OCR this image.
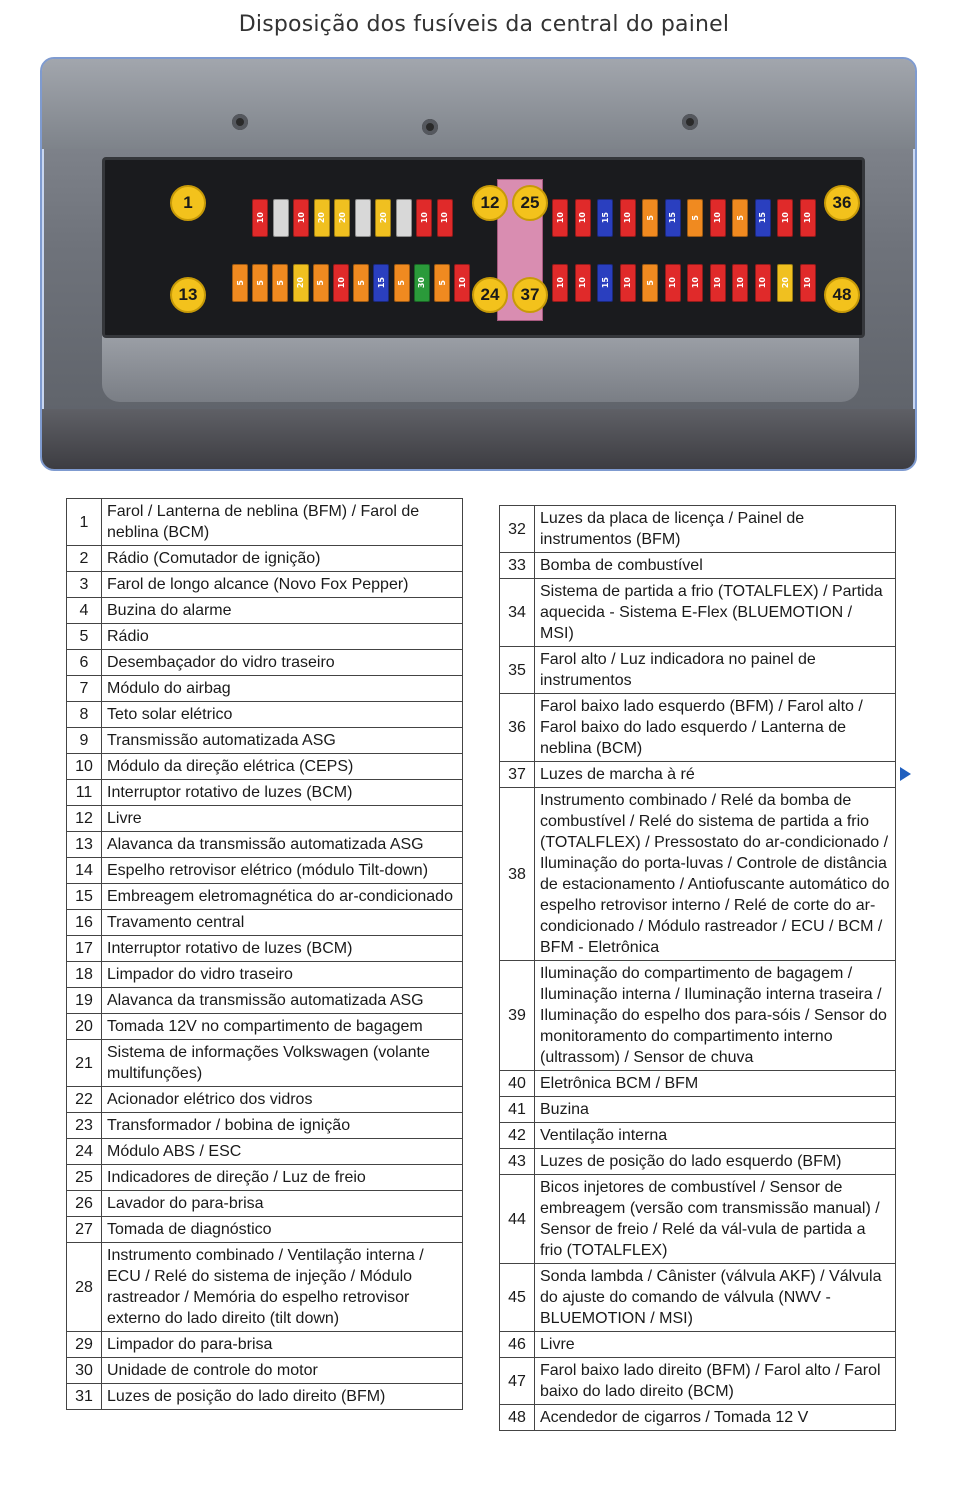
Disposição dos fusíveis da central do painel
10	10 20 20	20	10 10
5 5 5 20 5 10 5 15 5 30 5 10
10 10 15 10 5 15 5 10 5 15 10 10
10 10 15 10 5 10 10 10 10 10 20 10
1	12	25	36
13	24	37	48
1	Farol / Lanterna de neblina (BFM) / Farol de neblina (BCM)
2	Rádio (Comutador de ignição)
3	Farol de longo alcance (Novo Fox Pepper)
4	Buzina do alarme
5	Rádio
6	Desembaçador do vidro traseiro
7	Módulo do airbag
8	Teto solar elétrico
9	Transmissão automatizada ASG
10	Módulo da direção elétrica (CEPS)
11	Interruptor rotativo de luzes (BCM)
12	Livre
13	Alavanca da transmissão automatizada ASG
14	Espelho retrovisor elétrico (módulo Tilt-down)
15	Embreagem eletromagnética do ar-condicionado
16	Travamento central
17	Interruptor rotativo de luzes (BCM)
18	Limpador do vidro traseiro
19	Alavanca da transmissão automatizada ASG
20	Tomada 12V no compartimento de bagagem
21	Sistema de informações Volkswagen (volante multifunções)
22	Acionador elétrico dos vidros
23	Transformador / bobina de ignição
24	Módulo ABS / ESC
25	Indicadores de direção / Luz de freio
26	Lavador do para-brisa
27	Tomada de diagnóstico
28	Instrumento combinado / Ventilação interna / ECU / Relé do sistema de injeção / Módulo rastreador / Memória do espelho retrovisor externo do lado direito (tilt down)
29	Limpador do para-brisa
30	Unidade de controle do motor
31	Luzes de posição do lado direito (BFM)
32	Luzes da placa de licença / Painel de instrumentos (BFM)
33	Bomba de combustível
34	Sistema de partida a frio (TOTALFLEX) / Partida aquecida - Sistema E-Flex (BLUEMOTION / MSI)
35	Farol alto / Luz indicadora no painel de instrumentos
36	Farol baixo lado esquerdo (BFM) / Farol alto / Farol baixo do lado esquerdo / Lanterna de neblina (BCM)
37	Luzes de marcha à ré
38	Instrumento combinado / Relé da bomba de combustível / Relé do sistema de partida a frio (TOTALFLEX) / Pressostato do ar-condicionado / Iluminação do porta-luvas / Controle de distância de estacionamento / Antiofuscante automático do espelho retrovisor interno / Relé de corte do ar-condicionado / Módulo rastreador / ECU / BCM / BFM - Eletrônica
39	Iluminação do compartimento de bagagem / Iluminação interna / Iluminação interna traseira / Iluminação do espelho dos para-sóis / Sensor do monitoramento do compartimento interno (ultrassom) / Sensor de chuva
40	Eletrônica BCM / BFM
41	Buzina
42	Ventilação interna
43	Luzes de posição do lado esquerdo (BFM)
44	Bicos injetores de combustível / Sensor de embreagem (versão com transmissão manual) / Sensor de freio / Relé da vál-vula de partida a frio (TOTALFLEX)
45	Sonda lambda / Cânister (válvula AKF) / Válvula do ajuste do comando de válvula (NWV - BLUEMOTION / MSI)
46	Livre
47	Farol baixo lado direito (BFM) / Farol alto / Farol baixo do lado direito (BCM)
48	Acendedor de cigarros / Tomada 12 V
